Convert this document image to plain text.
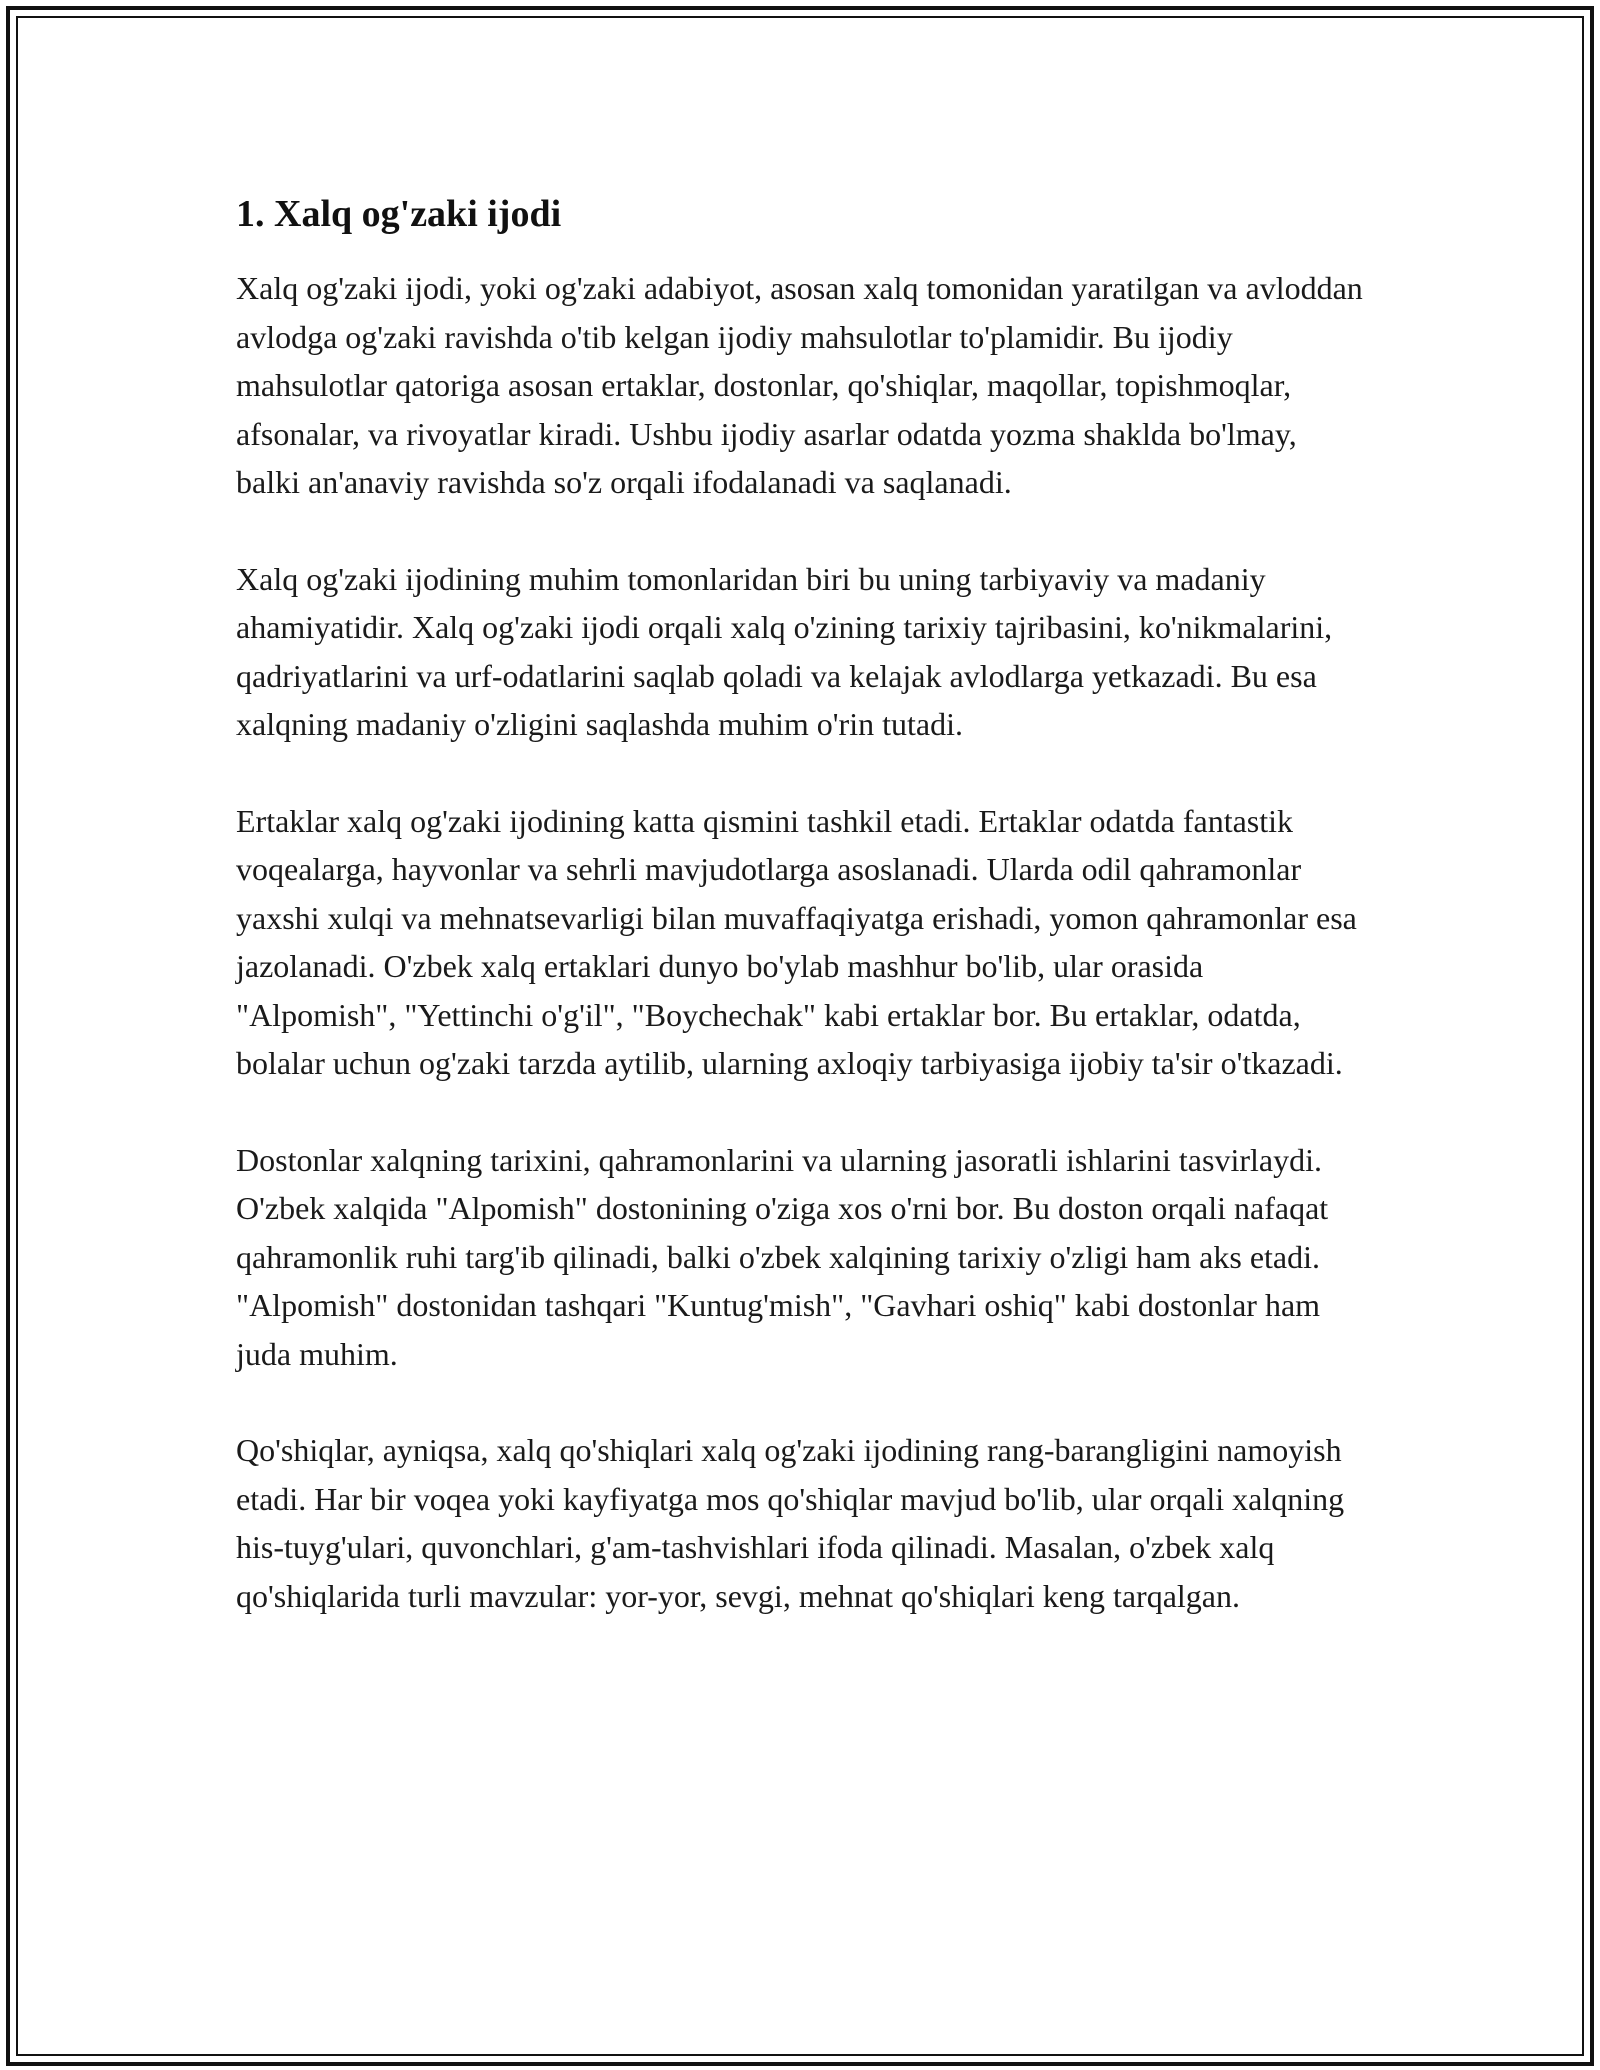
1. Xalq og'zaki ijodi

Xalq og'zaki ijodi, yoki og'zaki adabiyot, asosan xalq tomonidan yaratilgan va avloddan avlodga og'zaki ravishda o'tib kelgan ijodiy mahsulotlar to'plamidir. Bu ijodiy mahsulotlar qatoriga asosan ertaklar, dostonlar, qo'shiqlar, maqollar, topishmoqlar, afsonalar, va rivoyatlar kiradi. Ushbu ijodiy asarlar odatda yozma shaklda bo'lmay, balki an'anaviy ravishda so'z orqali ifodalanadi va saqlanadi.

Xalq og'zaki ijodining muhim tomonlaridan biri bu uning tarbiyaviy va madaniy ahamiyatidir. Xalq og'zaki ijodi orqali xalq o'zining tarixiy tajribasini, ko'nikmalarini, qadriyatlarini va urf-odatlarini saqlab qoladi va kelajak avlodlarga yetkazadi. Bu esa xalqning madaniy o'zligini saqlashda muhim o'rin tutadi.

Ertaklar xalq og'zaki ijodining katta qismini tashkil etadi. Ertaklar odatda fantastik voqealarga, hayvonlar va sehrli mavjudotlarga asoslanadi. Ularda odil qahramonlar yaxshi xulqi va mehnatsevarligi bilan muvaffaqiyatga erishadi, yomon qahramonlar esa jazolanadi. O'zbek xalq ertaklari dunyo bo'ylab mashhur bo'lib, ular orasida "Alpomish", "Yettinchi o'g'il", "Boychechak" kabi ertaklar bor. Bu ertaklar, odatda, bolalar uchun og'zaki tarzda aytilib, ularning axloqiy tarbiyasiga ijobiy ta'sir o'tkazadi.

Dostonlar xalqning tarixini, qahramonlarini va ularning jasoratli ishlarini tasvirlaydi. O'zbek xalqida "Alpomish" dostonining o'ziga xos o'rni bor. Bu doston orqali nafaqat qahramonlik ruhi targ'ib qilinadi, balki o'zbek xalqining tarixiy o'zligi ham aks etadi. "Alpomish" dostonidan tashqari "Kuntug'mish", "Gavhari oshiq" kabi dostonlar ham juda muhim.

Qo'shiqlar, ayniqsa, xalq qo'shiqlari xalq og'zaki ijodining rang-barangligini namoyish etadi. Har bir voqea yoki kayfiyatga mos qo'shiqlar mavjud bo'lib, ular orqali xalqning his-tuyg'ulari, quvonchlari, g'am-tashvishlari ifoda qilinadi. Masalan, o'zbek xalq qo'shiqlarida turli mavzular: yor-yor, sevgi, mehnat qo'shiqlari keng tarqalgan.
